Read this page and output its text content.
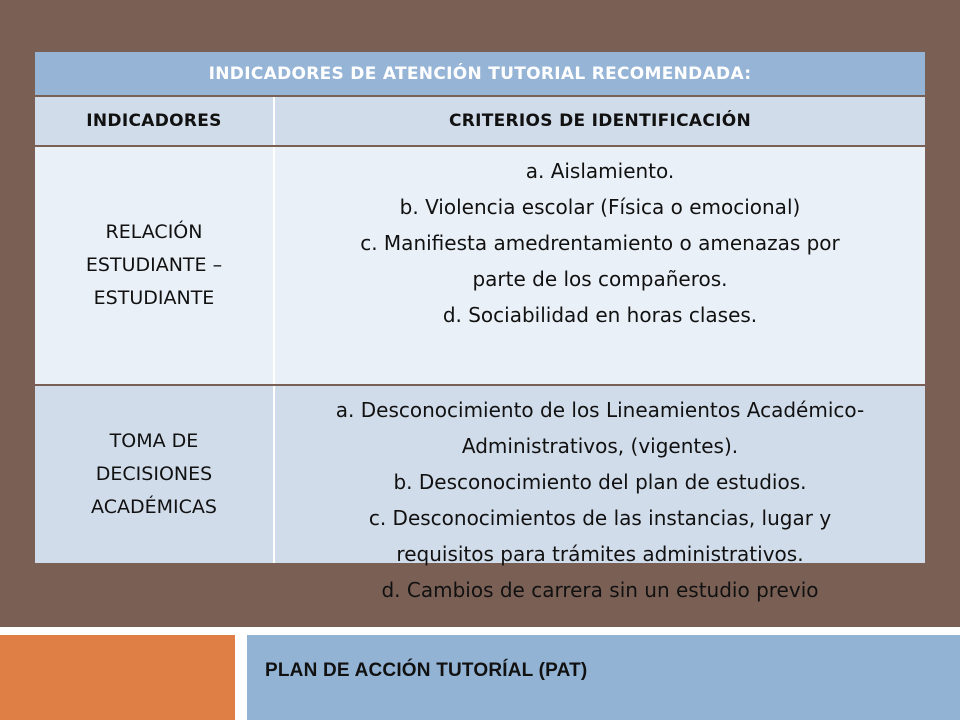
INDICADORES DE ATENCIÓN TUTORIAL RECOMENDADA:
INDICADORES	CRITERIOS DE IDENTIFICACIÓN
RELACIÓN
ESTUDIANTE –
ESTUDIANTE
a. Aislamiento.
b. Violencia escolar (Física o emocional)
c. Manifiesta amedrentamiento o amenazas por
parte de los compañeros.
d. Sociabilidad en horas clases.
TOMA DE
DECISIONES
ACADÉMICAS
a. Desconocimiento de los Lineamientos Académico-
Administrativos, (vigentes).
b. Desconocimiento del plan de estudios.
c. Desconocimientos de las instancias, lugar y
requisitos para trámites administrativos.
d. Cambios de carrera sin un estudio previo
PLAN DE ACCIÓN TUTORÍAL (PAT)
